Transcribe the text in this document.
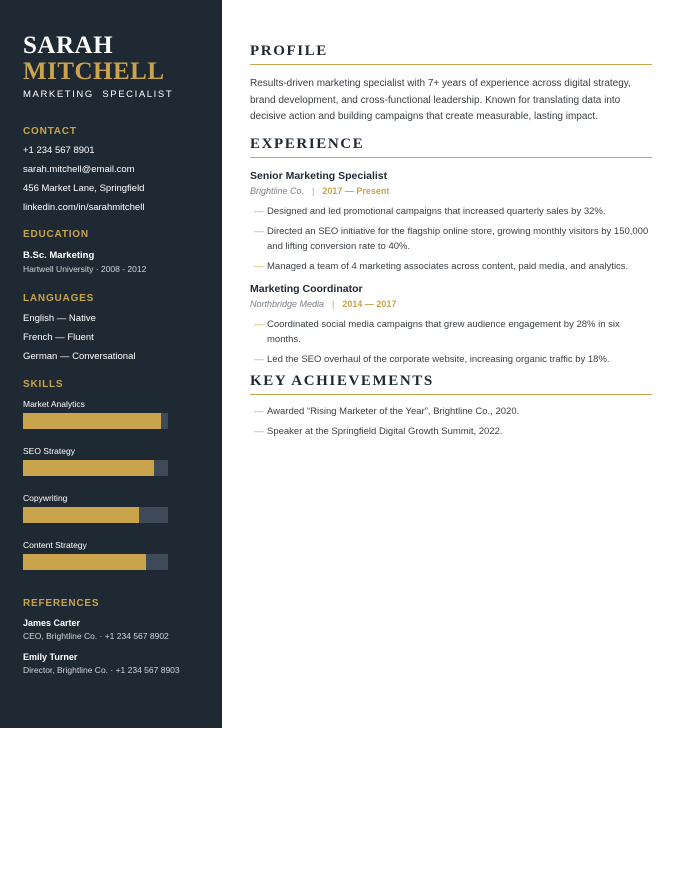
SARAH
MITCHELL
MARKETING  SPECIALIST
CONTACT
+1 234 567 8901
sarah.mitchell@email.com
456 Market Lane, Springfield
linkedin.com/in/sarahmitchell
EDUCATION
B.Sc. Marketing
Hartwell University · 2008 - 2012
LANGUAGES
English — Native
French — Fluent
German — Conversational
SKILLS
Market Analytics
SEO Strategy
Copywriting
Content Strategy
REFERENCES
James Carter
CEO, Brightline Co. · +1 234 567 8902
Emily Turner
Director, Brightline Co. · +1 234 567 8903
PROFILE

Results-driven marketing specialist with 7+ years of experience across digital strategy, brand development, and cross-functional leadership. Known for translating data into decisive action and building campaigns that create measurable, lasting impact.

EXPERIENCE
Senior Marketing Specialist
Brightline Co. | 2017 — Present
— Designed and led promotional campaigns that increased quarterly sales by 32%.
— Directed an SEO initiative for the flagship online store, growing monthly visitors by 150,000 and lifting conversion rate to 40%.
— Managed a team of 4 marketing associates across content, paid media, and analytics.
Marketing Coordinator
Northbridge Media | 2014 — 2017
— Coordinated social media campaigns that grew audience engagement by 28% in six months.
— Led the SEO overhaul of the corporate website, increasing organic traffic by 18%.
KEY ACHIEVEMENTS
— Awarded “Rising Marketer of the Year”, Brightline Co., 2020.
— Speaker at the Springfield Digital Growth Summit, 2022.
